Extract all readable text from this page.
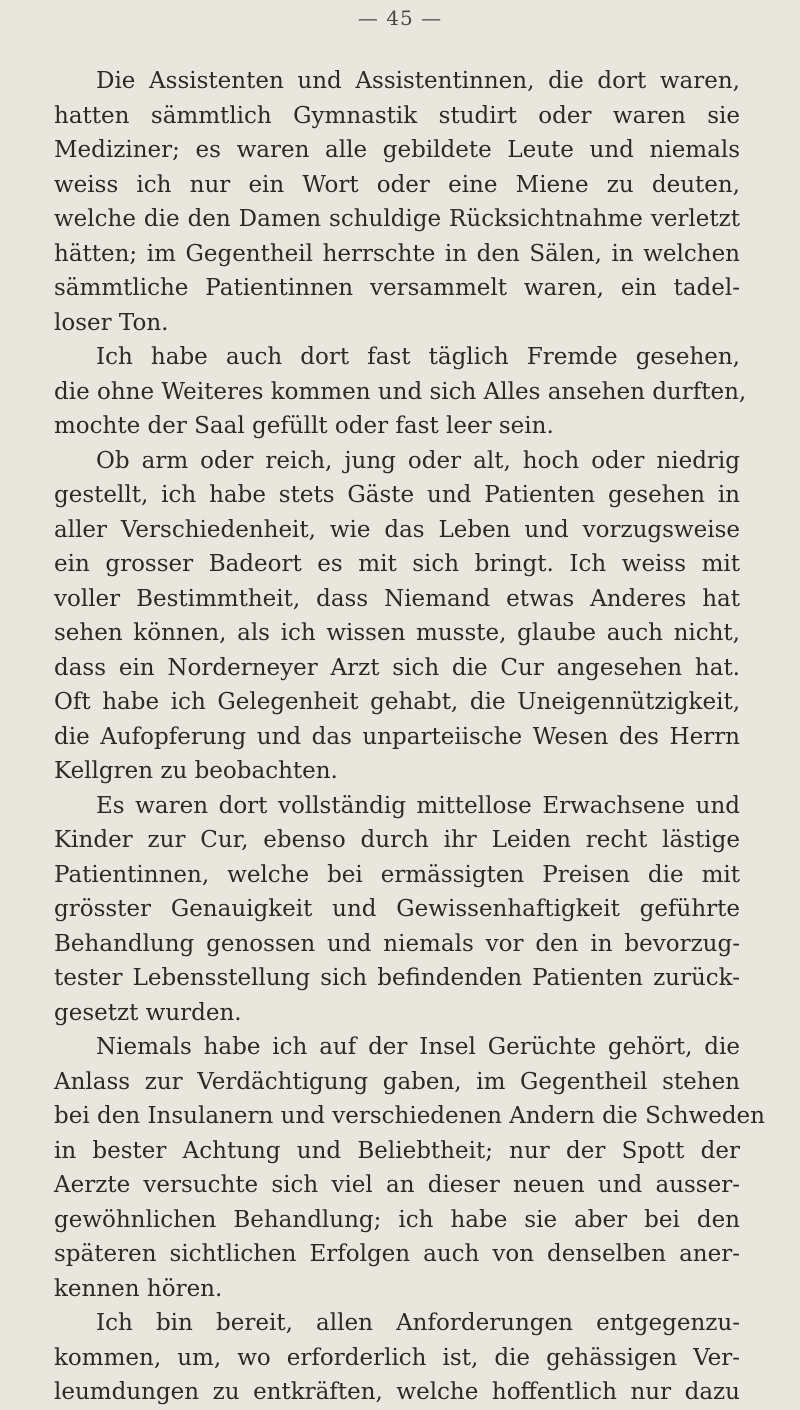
— 45 —
Die Assistenten und Assistentinnen, die dort waren,
hatten sämmtlich Gymnastik studirt oder waren sie
Mediziner; es waren alle gebildete Leute und niemals
weiss ich nur ein Wort oder eine Miene zu deuten,
welche die den Damen schuldige Rücksichtnahme verletzt
hätten; im Gegentheil herrschte in den Sälen, in welchen
sämmtliche Patientinnen versammelt waren, ein tadel-
loser Ton.
Ich habe auch dort fast täglich Fremde gesehen,
die ohne Weiteres kommen und sich Alles ansehen durften,
mochte der Saal gefüllt oder fast leer sein.
Ob arm oder reich, jung oder alt, hoch oder niedrig
gestellt, ich habe stets Gäste und Patienten gesehen in
aller Verschiedenheit, wie das Leben und vorzugsweise
ein grosser Badeort es mit sich bringt. Ich weiss mit
voller Bestimmtheit, dass Niemand etwas Anderes hat
sehen können, als ich wissen musste, glaube auch nicht,
dass ein Norderneyer Arzt sich die Cur angesehen hat.
Oft habe ich Gelegenheit gehabt, die Uneigennützigkeit,
die Aufopferung und das unparteiische Wesen des Herrn
Kellgren zu beobachten.
Es waren dort vollständig mittellose Erwachsene und
Kinder zur Cur, ebenso durch ihr Leiden recht lästige
Patientinnen, welche bei ermässigten Preisen die mit
grösster Genauigkeit und Gewissenhaftigkeit geführte
Behandlung genossen und niemals vor den in bevorzug-
tester Lebensstellung sich befindenden Patienten zurück-
gesetzt wurden.
Niemals habe ich auf der Insel Gerüchte gehört, die
Anlass zur Verdächtigung gaben, im Gegentheil stehen
bei den Insulanern und verschiedenen Andern die Schweden
in bester Achtung und Beliebtheit; nur der Spott der
Aerzte versuchte sich viel an dieser neuen und ausser-
gewöhnlichen Behandlung; ich habe sie aber bei den
späteren sichtlichen Erfolgen auch von denselben aner-
kennen hören.
Ich bin bereit, allen Anforderungen entgegenzu-
kommen, um, wo erforderlich ist, die gehässigen Ver-
leumdungen zu entkräften, welche hoffentlich nur dazu
